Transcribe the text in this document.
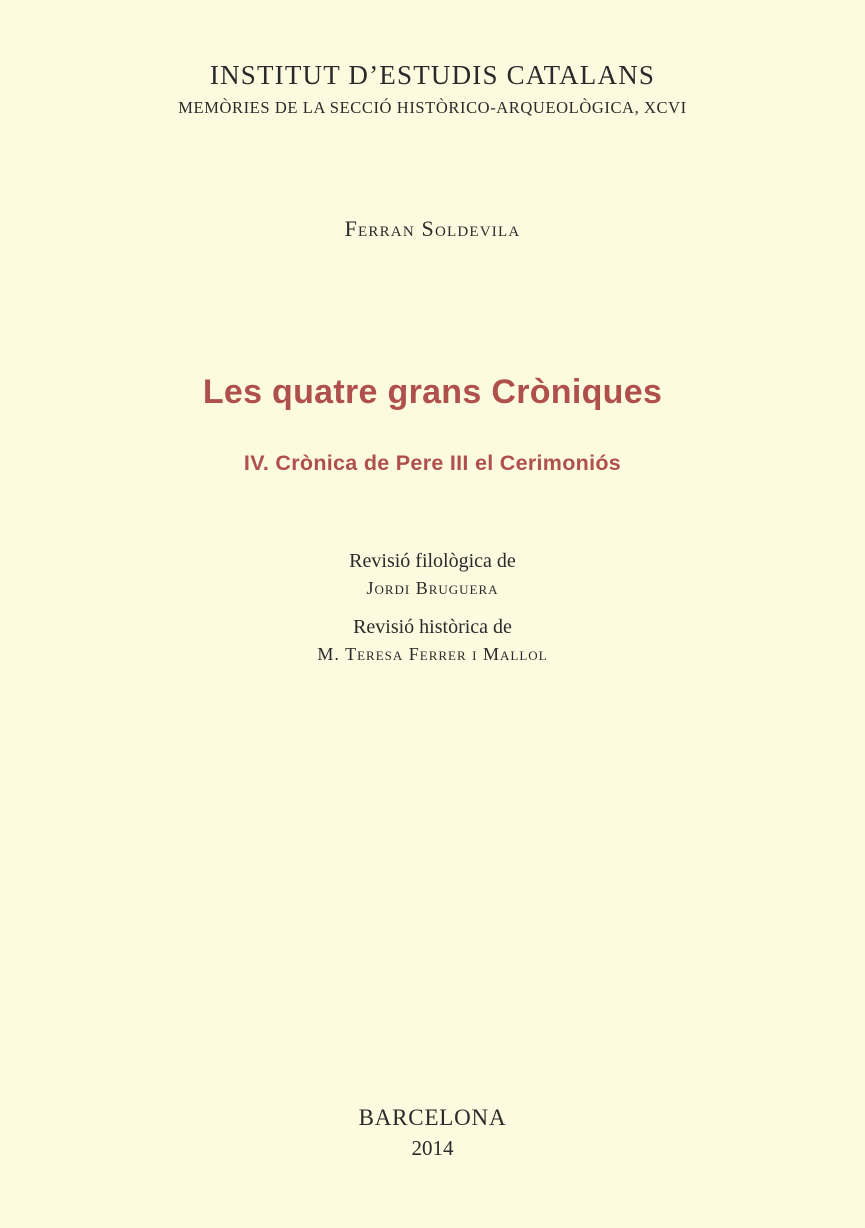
INSTITUT D’ESTUDIS CATALANS
MEMÒRIES DE LA SECCIÓ HISTÒRICO-ARQUEOLÒGICA, XCVI
Ferran Soldevila
Les quatre grans Cròniques
IV. Crònica de Pere III el Cerimoniós
Revisió filològica de
Jordi Bruguera
Revisió històrica de
M. Teresa Ferrer i Mallol
BARCELONA
2014
